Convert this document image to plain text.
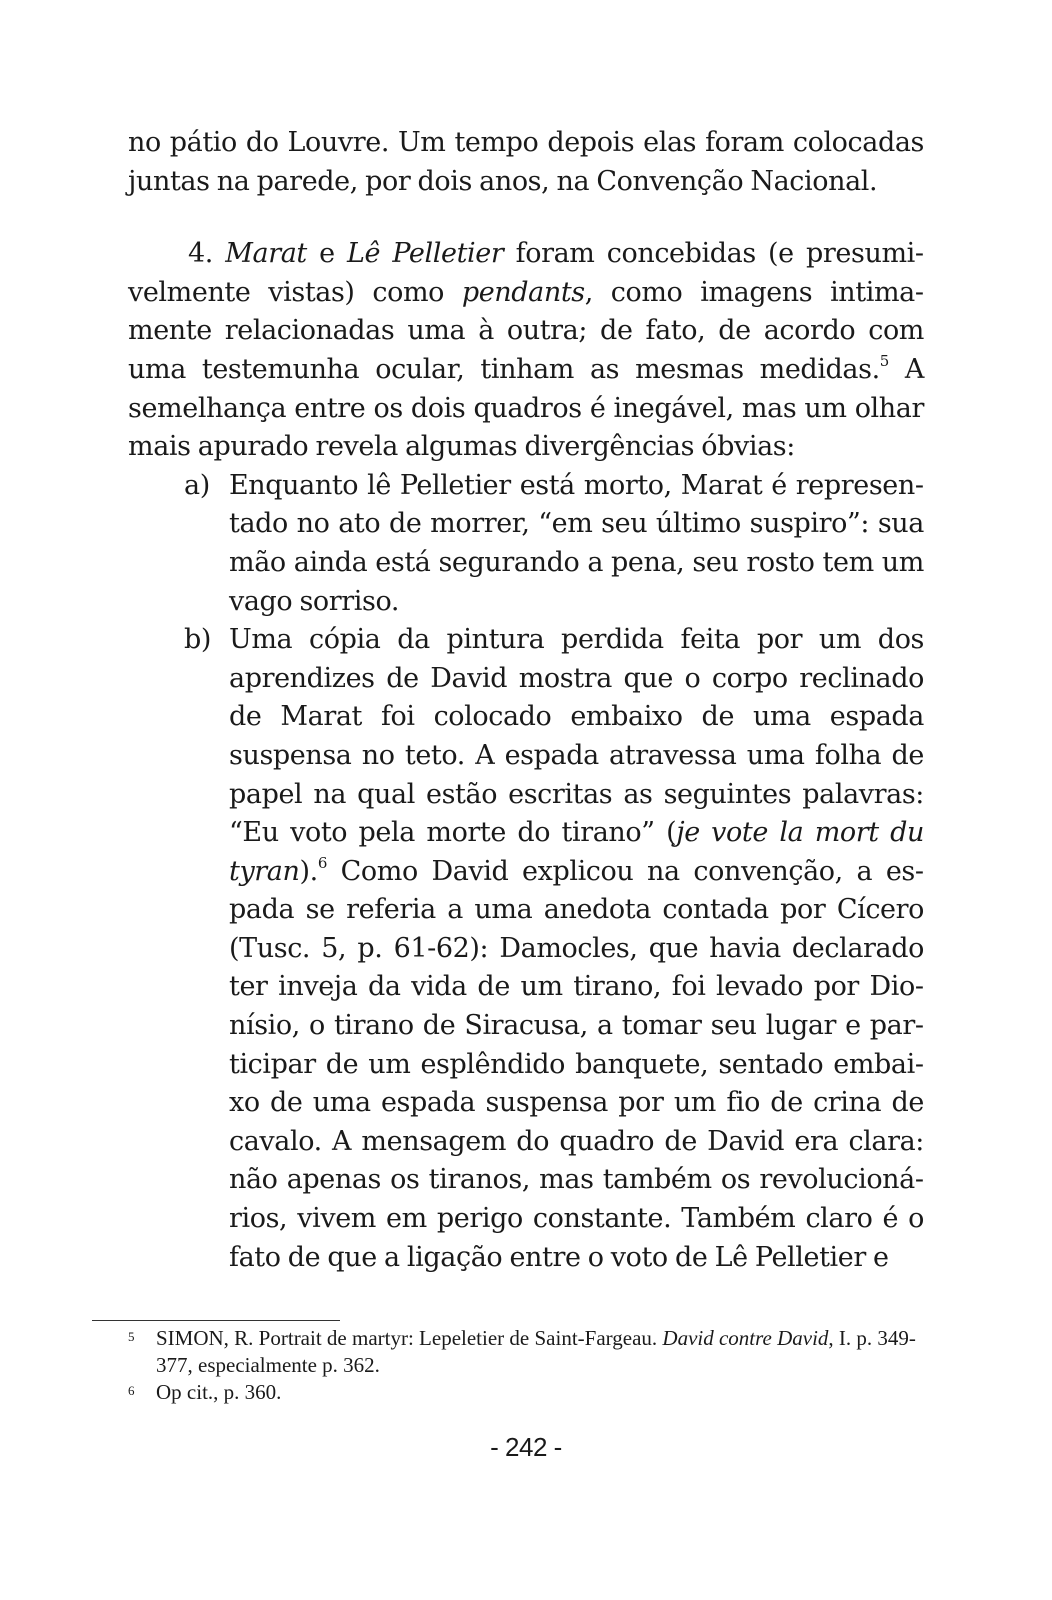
no pátio do Louvre. Um tempo depois elas foram colocadas juntas na parede, por dois anos, na Convenção Nacional.

4. Marat e Lê Pelletier foram concebidas (e presumivelmente vistas) como pendants, como imagens intimamente relacionadas uma à outra; de fato, de acordo com uma testemunha ocular, tinham as mesmas medidas.$^5$ A semelhança entre os dois quadros é inegável, mas um olhar mais apurado revela algumas divergências óbvias:

a) Enquanto lê Pelletier está morto, Marat é representado no ato de morrer, “em seu último suspiro”: sua mão ainda está segurando a pena, seu rosto tem um vago sorriso.

b) Uma cópia da pintura perdida feita por um dos aprendizes de David mostra que o corpo reclinado de Marat foi colocado embaixo de uma espada suspensa no teto. A espada atravessa uma folha de papel na qual estão escritas as seguintes palavras: “Eu voto pela morte do tirano” (je vote la mort du tyran).$^6$ Como David explicou na convenção, a espada se referia a uma anedota contada por Cícero (Tusc. 5, p. 61-62): Damocles, que havia declarado ter inveja da vida de um tirano, foi levado por Dionísio, o tirano de Siracusa, a tomar seu lugar e participar de um esplêndido banquete, sentado embaixo de uma espada suspensa por um fio de crina de cavalo. A mensagem do quadro de David era clara: não apenas os tiranos, mas também os revolucionários, vivem em perigo constante. Também claro é o fato de que a ligação entre o voto de Lê Pelletier e

5 SIMON, R. Portrait de martyr: Lepeletier de Saint-Fargeau. David contre David, I. p. 349-377, especialmente p. 362.

6 Op cit., p. 360.

- 242 -
